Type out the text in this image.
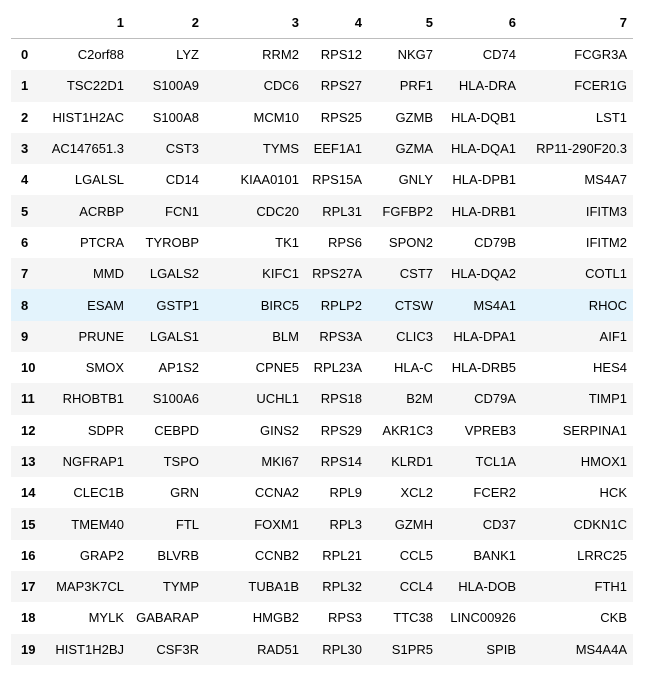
	1	2	3	4	5	6	7
0	C2orf88	LYZ	RRM2	RPS12	NKG7	CD74	FCGR3A
1	TSC22D1	S100A9	CDC6	RPS27	PRF1	HLA-DRA	FCER1G
2	HIST1H2AC	S100A8	MCM10	RPS25	GZMB	HLA-DQB1	LST1
3	AC147651.3	CST3	TYMS	EEF1A1	GZMA	HLA-DQA1	RP11-290F20.3
4	LGALSL	CD14	KIAA0101	RPS15A	GNLY	HLA-DPB1	MS4A7
5	ACRBP	FCN1	CDC20	RPL31	FGFBP2	HLA-DRB1	IFITM3
6	PTCRA	TYROBP	TK1	RPS6	SPON2	CD79B	IFITM2
7	MMD	LGALS2	KIFC1	RPS27A	CST7	HLA-DQA2	COTL1
8	ESAM	GSTP1	BIRC5	RPLP2	CTSW	MS4A1	RHOC
9	PRUNE	LGALS1	BLM	RPS3A	CLIC3	HLA-DPA1	AIF1
10	SMOX	AP1S2	CPNE5	RPL23A	HLA-C	HLA-DRB5	HES4
11	RHOBTB1	S100A6	UCHL1	RPS18	B2M	CD79A	TIMP1
12	SDPR	CEBPD	GINS2	RPS29	AKR1C3	VPREB3	SERPINA1
13	NGFRAP1	TSPO	MKI67	RPS14	KLRD1	TCL1A	HMOX1
14	CLEC1B	GRN	CCNA2	RPL9	XCL2	FCER2	HCK
15	TMEM40	FTL	FOXM1	RPL3	GZMH	CD37	CDKN1C
16	GRAP2	BLVRB	CCNB2	RPL21	CCL5	BANK1	LRRC25
17	MAP3K7CL	TYMP	TUBA1B	RPL32	CCL4	HLA-DOB	FTH1
18	MYLK	GABARAP	HMGB2	RPS3	TTC38	LINC00926	CKB
19	HIST1H2BJ	CSF3R	RAD51	RPL30	S1PR5	SPIB	MS4A4A
